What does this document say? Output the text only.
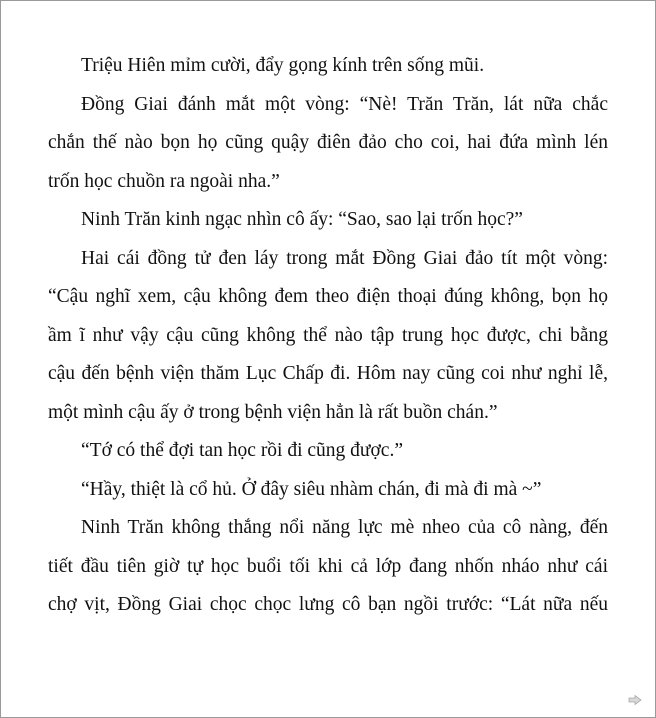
Triệu Hiên mỉm cười, đẩy gọng kính trên sống mũi.

Đồng Giai đánh mắt một vòng: “Nè! Trăn Trăn, lát nữa chắc
chắn thế nào bọn họ cũng quậy điên đảo cho coi, hai đứa mình lén
trốn học chuồn ra ngoài nha.”

Ninh Trăn kinh ngạc nhìn cô ấy: “Sao, sao lại trốn học?”

Hai cái đồng tử đen láy trong mắt Đồng Giai đảo tít một vòng:
“Cậu nghĩ xem, cậu không đem theo điện thoại đúng không, bọn họ
ầm ĩ như vậy cậu cũng không thể nào tập trung học được, chi bằng
cậu đến bệnh viện thăm Lục Chấp đi. Hôm nay cũng coi như nghỉ lễ,
một mình cậu ấy ở trong bệnh viện hẳn là rất buồn chán.”

“Tớ có thể đợi tan học rồi đi cũng được.”

“Hầy, thiệt là cổ hủ. Ở đây siêu nhàm chán, đi mà đi mà ~”

Ninh Trăn không thắng nổi năng lực mè nheo của cô nàng, đến
tiết đầu tiên giờ tự học buổi tối khi cả lớp đang nhốn nháo như cái
chợ vịt, Đồng Giai chọc chọc lưng cô bạn ngồi trước: “Lát nữa nếu
